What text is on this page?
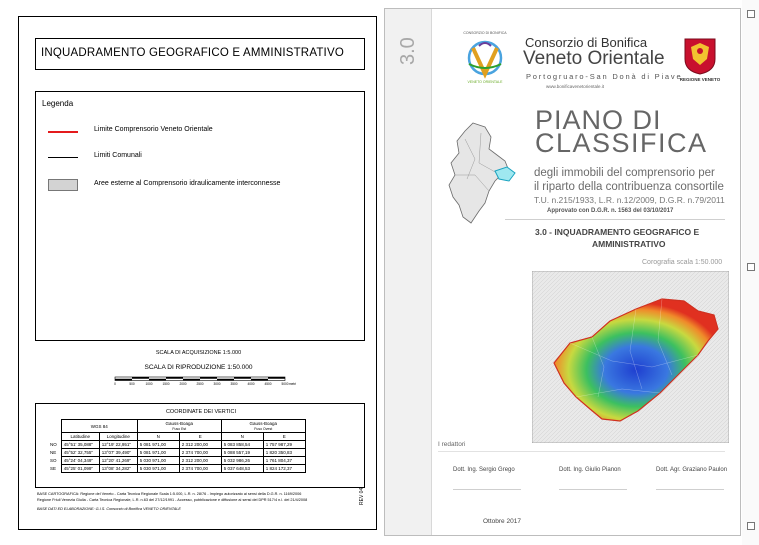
INQUADRAMENTO GEOGRAFICO E AMMINISTRATIVO
Legenda
Limite Comprensorio Veneto Orientale
Limiti Comunali
Aree esterne al Comprensorio idraulicamente interconnesse
SCALA DI ACQUISIZIONE 1:5.000
SCALA DI RIPRODUZIONE 1:50.000
0	500	1000	1500	2000	2500	3000	3500	4000	4500	5000 metri
COORDINATE DEI VERTICI
	WGS 84		Gauss-Boaga
Fuso Est		Gauss-Boaga
Fuso Ovest	
	Latitudine	Longitudine	N	E	N	E
NO	45°51' 35,088"	12°19' 22,951"	5 081 971,00	2 312 200,00	5 083 858,54	1 757 987,29
NE	45°52' 32,755"	13°07' 39,490"	5 081 971,00	2 374 700,00	5 088 557,19	1 820 350,83
SO	45°24' 04,349"	12°20' 41,269"	5 030 971,00	2 312 200,00	5 032 986,26	1 761 804,37
SE	45°25' 01,099"	13°08' 34,282"	5 030 971,00	2 374 700,00	5 037 648,53	1 824 172,37
BASE CARTOGRAFICA: Regione del Veneto - Carta Tecnica Regionale Scala 1:5.000, L.R. n. 28/76 - Impiego autorizzato ai sensi della D.G.R. n. 1169/2006
Regione Friuli Venezia Giulia - Carta Tecnica Regionale, L.R. n.63 del 27/12/1991 - Accesso, pubblicazione e diffusione ai sensi del DPR 517/4 n.l. del 21/4/2008
BASE DATI ED ELABORAZIONE: G.I.S. Consorzio di Bonifica VENETO ORIENTALE
REV 04
3.0
CONSORZIO DI BONIFICA
VENETO ORIENTALE
Consorzio di Bonifica
Veneto Orientale
Portogruaro-San Donà di Piave
www.bonificavenetorientale.it
REGIONE VENETO
PIANO DI
CLASSIFICA
degli immobili del comprensorio per
il riparto della contribuenza consortile
T.U. n.215/1933, L.R. n.12/2009, D.G.R. n.79/2011
Approvato con D.G.R. n. 1563 del 03/10/2017
3.0 - INQUADRAMENTO GEOGRAFICO E
AMMINISTRATIVO
Corografia scala 1:50.000
I redattori
Dott. Ing. Sergio Grego	Dott. Ing. Giulio Pianon	Dott. Agr. Graziano Paulon
Ottobre 2017
